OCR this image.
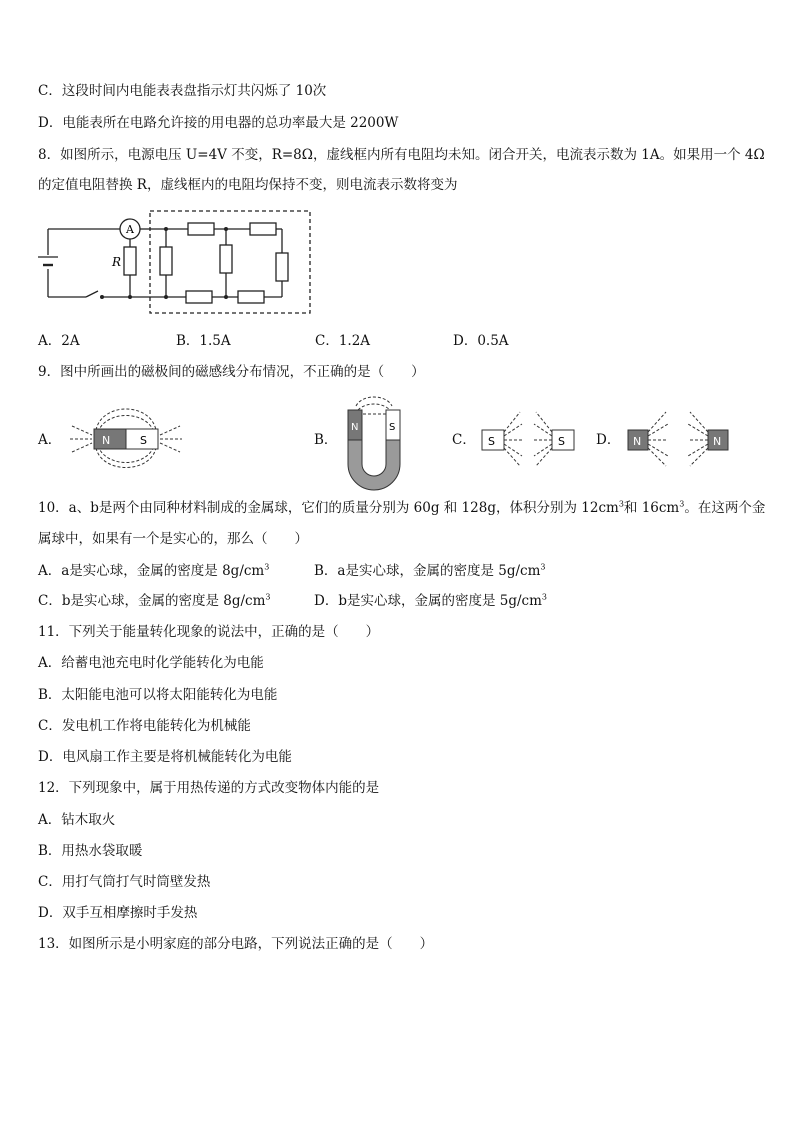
C．这段时间内电能表表盘指示灯共闪烁了 10次
D．电能表所在电路允许接的用电器的总功率最大是 2200W
8．如图所示，电源电压 U=4V 不变，R=8Ω，虚线框内所有电阻均未知。闭合开关，电流表示数为 1A。如果用一个 4Ω
的定值电阻替换 R，虚线框内的电阻均保持不变，则电流表示数将变为
A
R
A．2A	B．1.5A	C．1.2A	D．0.5A
9．图中所画出的磁极间的磁感线分布情况，不正确的是（　　）
A．	N	S	B．
N	S
C． S	S D． N	N
10．a、b是两个由同种材料制成的金属球，它们的质量分别为 60g 和 128g，体积分别为 $12cm^3$和 $16cm^3$。在这两个金
属球中，如果有一个是实心的，那么（　　）
A．a是实心球，金属的密度是 $8g/cm^3$	B．a是实心球，金属的密度是 $5g/cm^3$
C．b是实心球，金属的密度是 $8g/cm^3$	D．b是实心球，金属的密度是 $5g/cm^3$
11．下列关于能量转化现象的说法中，正确的是（　　）
A．给蓄电池充电时化学能转化为电能
B．太阳能电池可以将太阳能转化为电能
C．发电机工作将电能转化为机械能
D．电风扇工作主要是将机械能转化为电能
12．下列现象中，属于用热传递的方式改变物体内能的是
A．钻木取火
B．用热水袋取暖
C．用打气筒打气时筒壁发热
D．双手互相摩擦时手发热
13．如图所示是小明家庭的部分电路，下列说法正确的是（　　）
